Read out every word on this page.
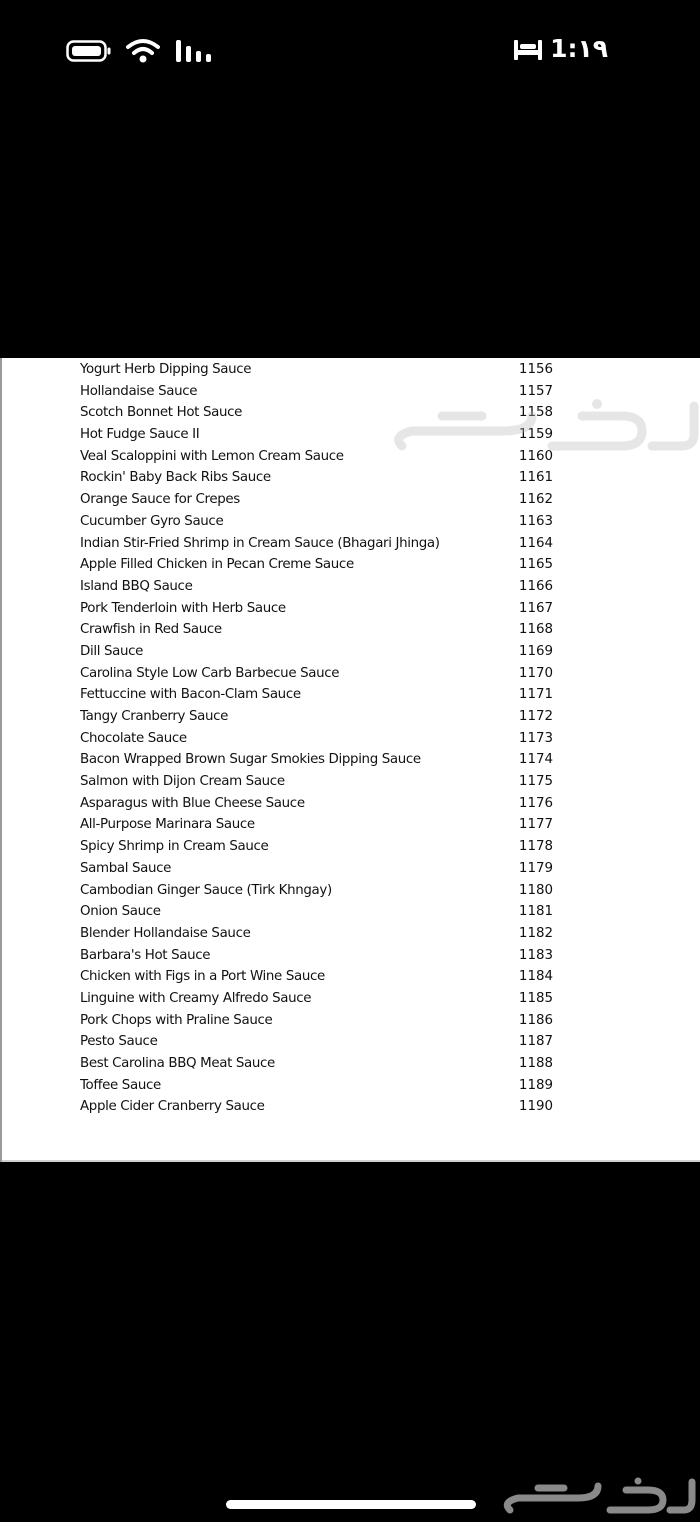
1:١٩
Yogurt Herb Dipping Sauce	1156
Hollandaise Sauce	1157
Scotch Bonnet Hot Sauce	1158
Hot Fudge Sauce II	1159
Veal Scaloppini with Lemon Cream Sauce	1160
Rockin' Baby Back Ribs Sauce	1161
Orange Sauce for Crepes	1162
Cucumber Gyro Sauce	1163
Indian Stir-Fried Shrimp in Cream Sauce (Bhagari Jhinga)	1164
Apple Filled Chicken in Pecan Creme Sauce	1165
Island BBQ Sauce	1166
Pork Tenderloin with Herb Sauce	1167
Crawfish in Red Sauce	1168
Dill Sauce	1169
Carolina Style Low Carb Barbecue Sauce	1170
Fettuccine with Bacon-Clam Sauce	1171
Tangy Cranberry Sauce	1172
Chocolate Sauce	1173
Bacon Wrapped Brown Sugar Smokies Dipping Sauce	1174
Salmon with Dijon Cream Sauce	1175
Asparagus with Blue Cheese Sauce	1176
All-Purpose Marinara Sauce	1177
Spicy Shrimp in Cream Sauce	1178
Sambal Sauce	1179
Cambodian Ginger Sauce (Tirk Khngay)	1180
Onion Sauce	1181
Blender Hollandaise Sauce	1182
Barbara's Hot Sauce	1183
Chicken with Figs in a Port Wine Sauce	1184
Linguine with Creamy Alfredo Sauce	1185
Pork Chops with Praline Sauce	1186
Pesto Sauce	1187
Best Carolina BBQ Meat Sauce	1188
Toffee Sauce	1189
Apple Cider Cranberry Sauce	1190
